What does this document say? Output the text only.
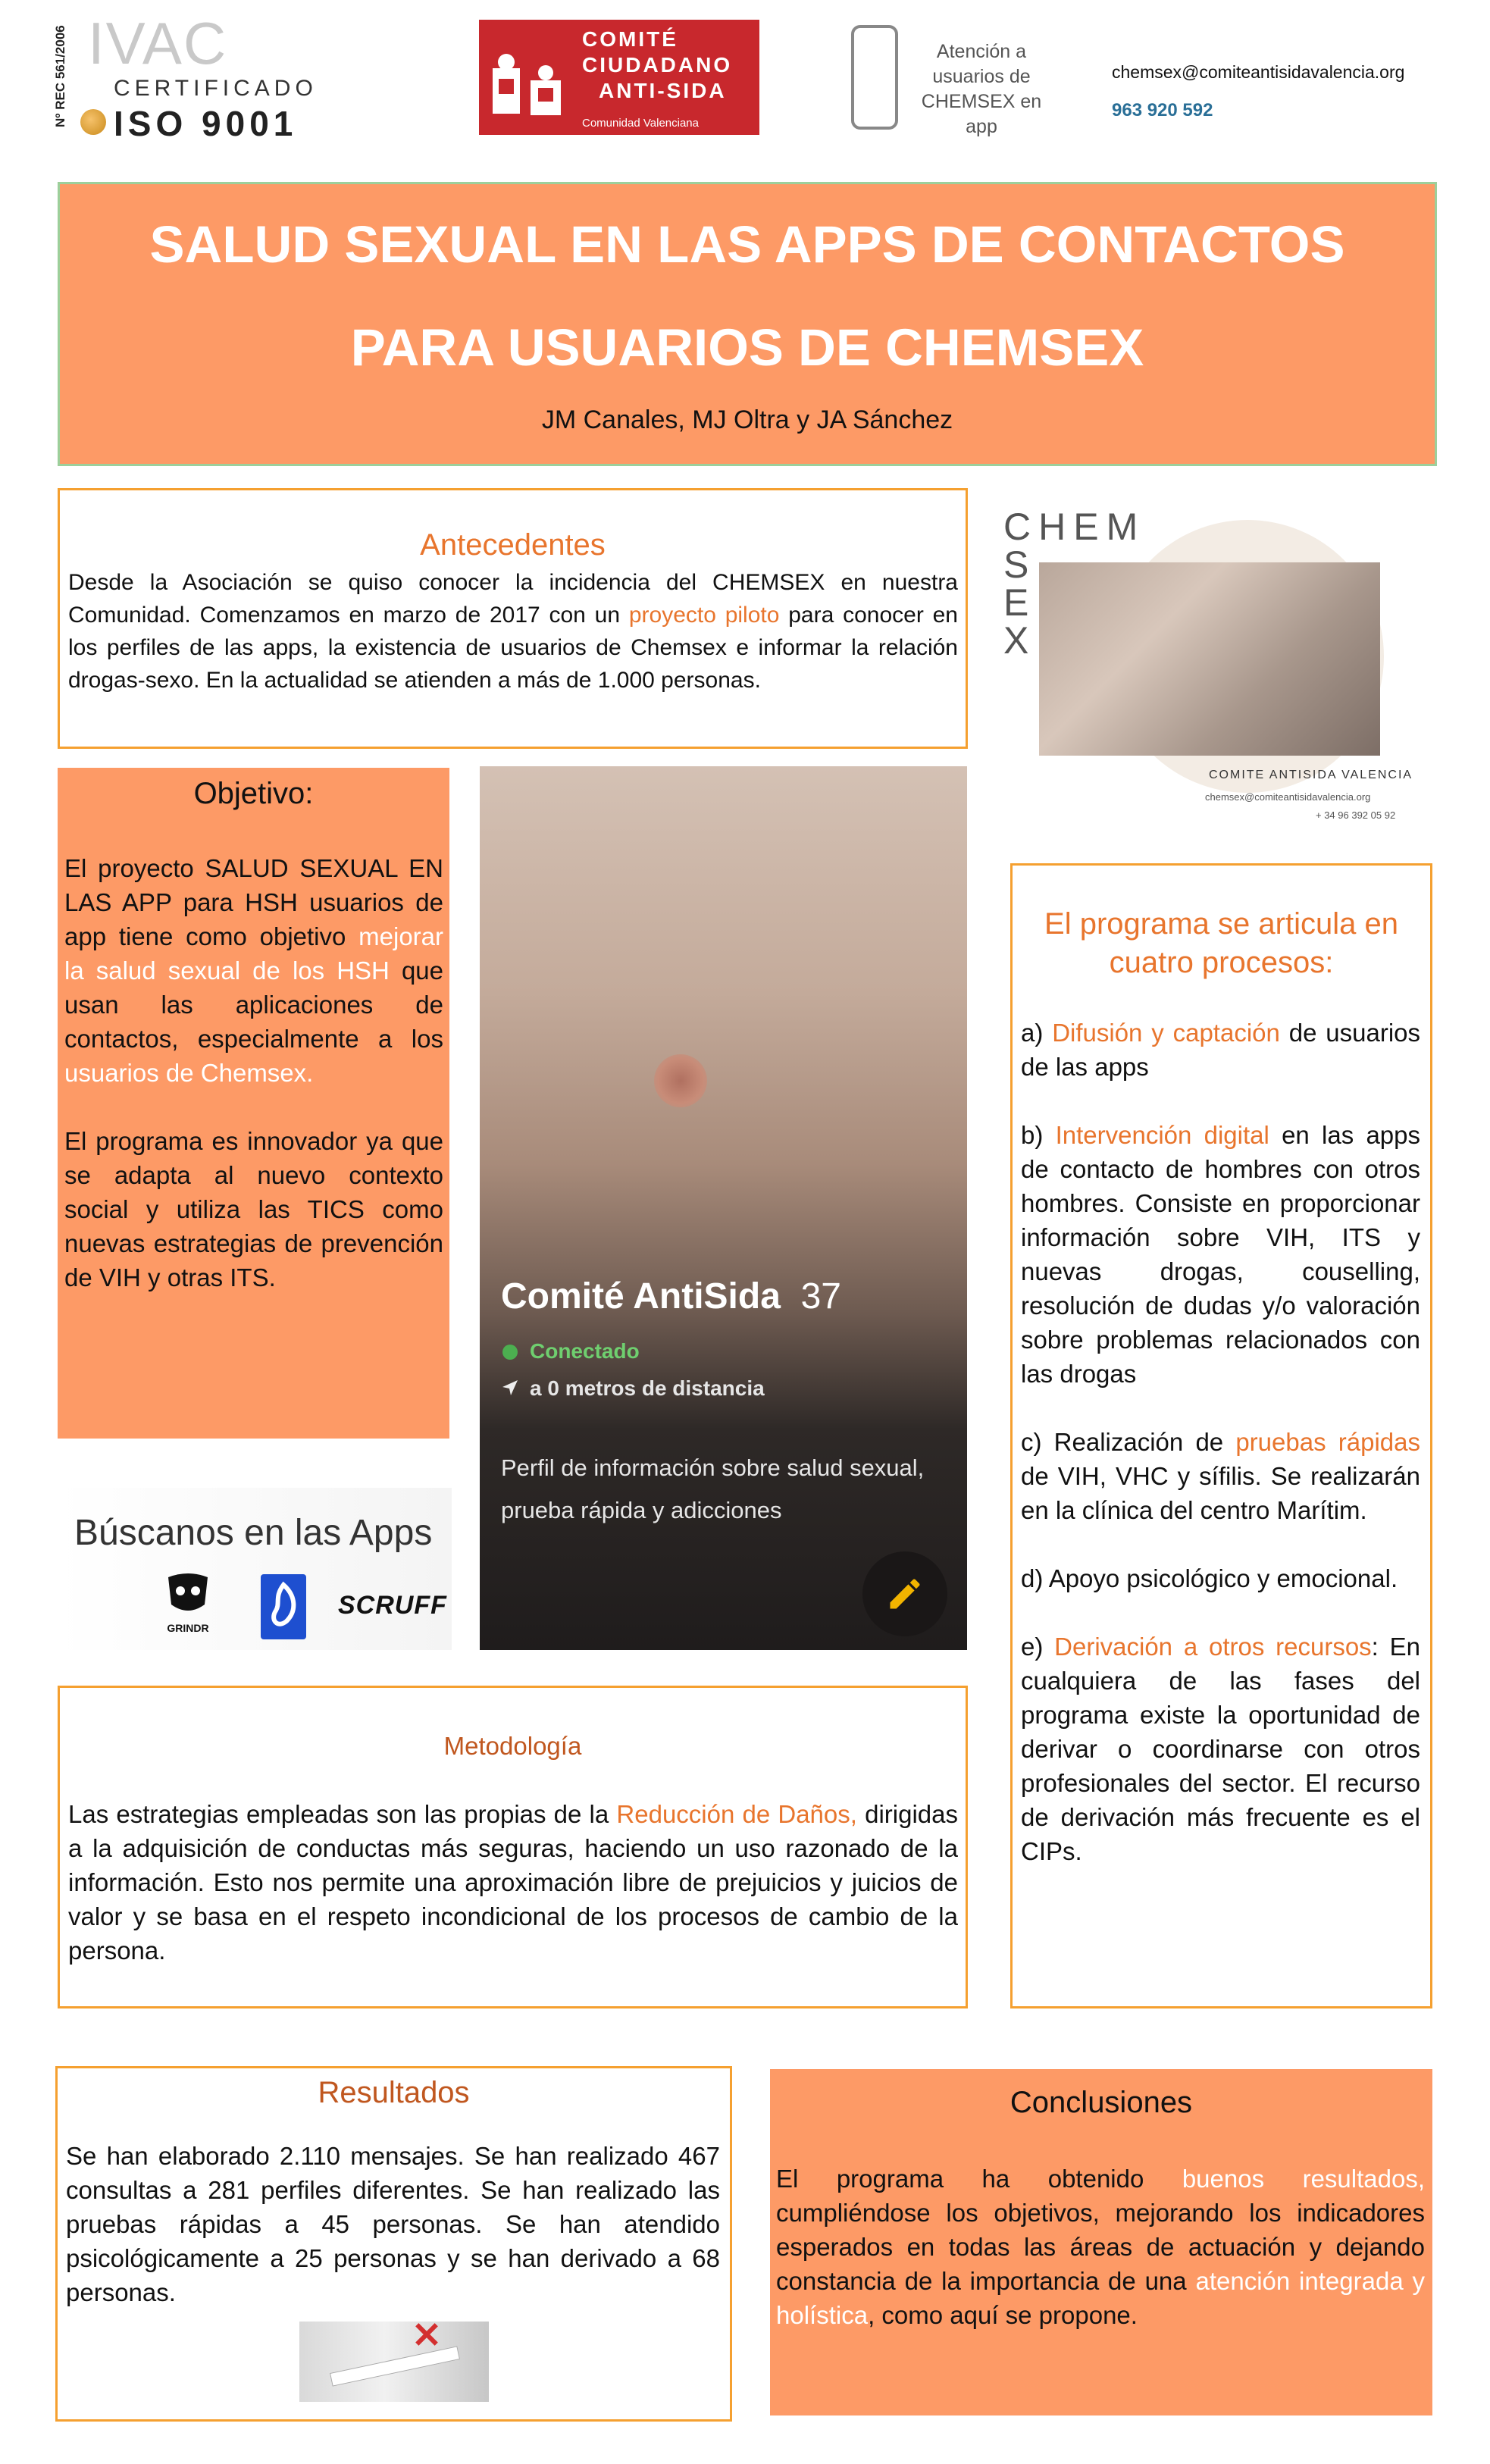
Nº REC 561/2006 IVAC
CERTIFICADO
ISO 9001
COMITÉ
CIUDADANO
ANTI-SIDA
Comunidad Valenciana
Atención a
usuarios de
CHEMSEX en app
chemsex@comiteantisidavalencia.org
963 920 592
SALUD SEXUAL EN LAS APPS DE CONTACTOS
PARA USUARIOS DE CHEMSEX
JM Canales, MJ Oltra y JA Sánchez
Antecedentes
Desde la Asociación se quiso conocer la incidencia del CHEMSEX en nuestra Comunidad. Comenzamos en marzo de 2017 con un proyecto piloto para conocer en los perfiles de las apps, la existencia de usuarios de Chemsex e informar la relación drogas-sexo. En la actualidad se atienden a más de 1.000 personas.
CHEM
S
E
X
COMITE ANTISIDA VALENCIA
chemsex@comiteantisidavalencia.org
+ 34 96 392 05 92
Objetivo:
El proyecto SALUD SEXUAL EN LAS APP para HSH usuarios de app tiene como objetivo mejorar la salud sexual de los HSH que usan las aplicaciones de contactos, especialmente a los usuarios de Chemsex.
El programa es innovador ya que se adapta al nuevo contexto social y utiliza las TICS como nuevas estrategias de prevención de VIH y otras ITS.	Comité AntiSida 37
Conectado
a 0 metros de distancia
Perfil de información sobre salud sexual,
prueba rápida y adicciones
Búscanos en las Apps
GRINDR
SCRUFF
El programa se articula en
cuatro procesos:
a) Difusión y captación de usuarios de las apps
b) Intervención digital en las apps de contacto de hombres con otros hombres. Consiste en proporcionar información sobre VIH, ITS y nuevas drogas, couselling, resolución de dudas y/o valoración sobre problemas relacionados con las drogas
c) Realización de pruebas rápidas de VIH, VHC y sífilis. Se realizarán en la clínica del centro Marítim.
d) Apoyo psicológico y emocional.
e) Derivación a otros recursos: En cualquiera de las fases del programa existe la oportunidad de derivar o coordinarse con otros profesionales del sector. El recurso de derivación más frecuente es el CIPs.
Metodología
Las estrategias empleadas son las propias de la Reducción de Daños, dirigidas a la adquisición de conductas más seguras, haciendo un uso razonado de la información. Esto nos permite una aproximación libre de prejuicios y juicios de valor y se basa en el respeto incondicional de los procesos de cambio de la persona.
Resultados
Se han elaborado 2.110 mensajes. Se han realizado 467 consultas a 281 perfiles diferentes. Se han realizado las pruebas rápidas a 45 personas. Se han atendido psicológicamente a 25 personas y se han derivado a 68 personas.
Conclusiones
El programa ha obtenido buenos resultados, cumpliéndose los objetivos, mejorando los indicadores esperados en todas las áreas de actuación y dejando constancia de la importancia de una atención integrada y holística, como aquí se propone.
